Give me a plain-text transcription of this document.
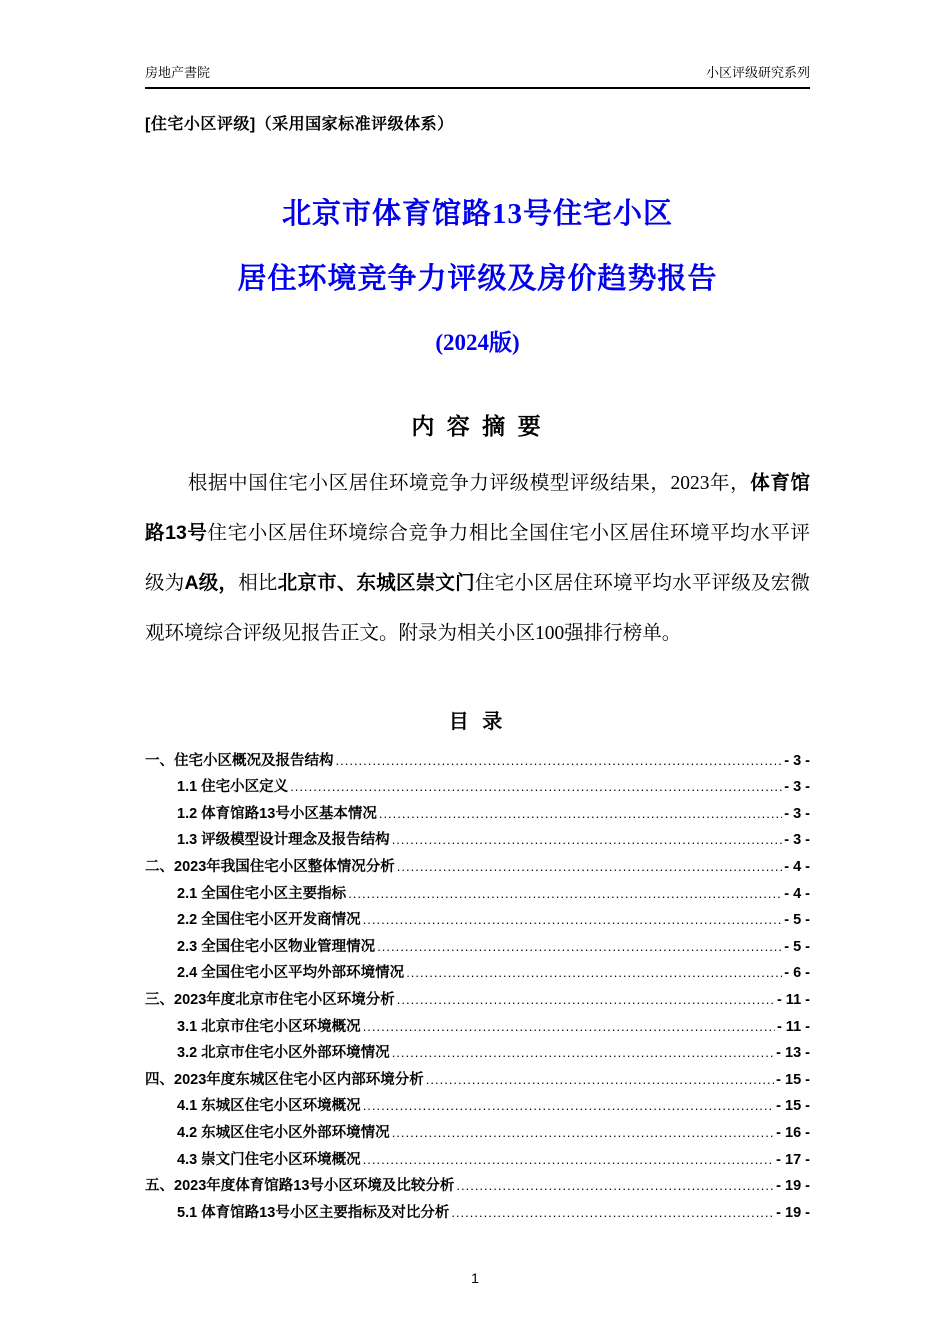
房地产書院	小区评级研究系列
[住宅小区评级]（采用国家标准评级体系）
北京市体育馆路13号住宅小区
居住环境竞争力评级及房价趋势报告
(2024版)
内 容 摘 要

根据中国住宅小区居住环境竞争力评级模型评级结果，2023年，体育馆路13号住宅小区居住环境综合竞争力相比全国住宅小区居住环境平均水平评级为A级，相比北京市、东城区崇文门住宅小区居住环境平均水平评级及宏微观环境综合评级见报告正文。附录为相关小区100强排行榜单。

目 录
一、住宅小区概况及报告结构 .....	- 3 -
1.1 住宅小区定义 .....	- 3 -
1.2 体育馆路13号小区基本情况 .....	- 3 -
1.3 评级模型设计理念及报告结构 .....	- 3 -
二、2023年我国住宅小区整体情况分析 .....	- 4 -
2.1 全国住宅小区主要指标 .....	- 4 -
2.2 全国住宅小区开发商情况 .....	- 5 -
2.3 全国住宅小区物业管理情况 .....	- 5 -
2.4 全国住宅小区平均外部环境情况 .....	- 6 -
三、2023年度北京市住宅小区环境分析 .....	- 11 -
3.1 北京市住宅小区环境概况 .....	- 11 -
3.2 北京市住宅小区外部环境情况 .....	- 13 -
四、2023年度东城区住宅小区内部环境分析 .....	- 15 -
4.1 东城区住宅小区环境概况 .....	- 15 -
4.2 东城区住宅小区外部环境情况 .....	- 16 -
4.3 崇文门住宅小区环境概况 .....	- 17 -
五、2023年度体育馆路13号小区环境及比较分析 .....	- 19 -
5.1 体育馆路13号小区主要指标及对比分析 .....	- 19 -
1
